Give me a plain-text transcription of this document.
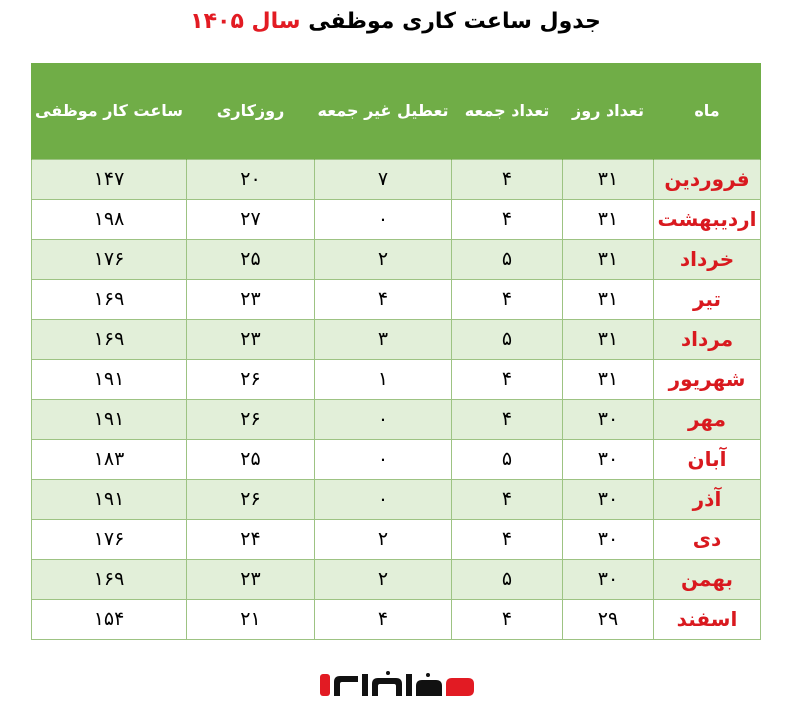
جدول ساعت کاری موظفی سال ۱۴۰۵
ماه	تعداد روز	تعداد جمعه	تعطیل غیر جمعه	روزکاری	ساعت کار موظفی
فروردین	۳۱	۴	۷	۲۰	۱۴۷
اردیبهشت	۳۱	۴	۰	۲۷	۱۹۸
خرداد	۳۱	۵	۲	۲۵	۱۷۶
تیر	۳۱	۴	۴	۲۳	۱۶۹
مرداد	۳۱	۵	۳	۲۳	۱۶۹
شهریور	۳۱	۴	۱	۲۶	۱۹۱
مهر	۳۰	۴	۰	۲۶	۱۹۱
آبان	۳۰	۵	۰	۲۵	۱۸۳
آذر	۳۰	۴	۰	۲۶	۱۹۱
دی	۳۰	۴	۲	۲۴	۱۷۶
بهمن	۳۰	۵	۲	۲۳	۱۶۹
اسفند	۲۹	۴	۴	۲۱	۱۵۴
